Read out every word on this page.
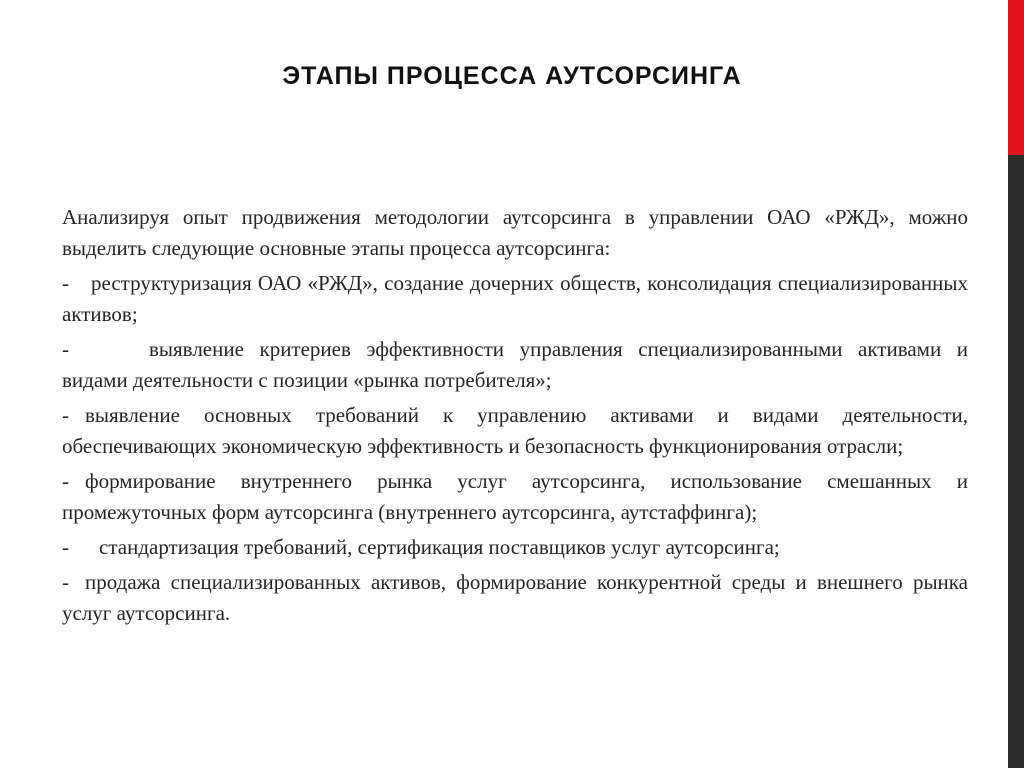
ЭТАПЫ ПРОЦЕССА АУТСОРСИНГА

Анализируя опыт продвижения методологии аутсорсинга в управлении ОАО «РЖД», можно выделить следующие основные этапы процесса аутсорсинга:

- реструктуризация ОАО «РЖД», создание дочерних обществ, консолидация специализированных активов;

-	выявление критериев эффективности управления специализированными активами и видами деятельности с позиции «рынка потребителя»;

- выявление основных требований к управлению активами и видами деятельности, обеспечивающих экономическую эффективность и безопасность функционирования отрасли;

- формирование внутреннего рынка услуг аутсорсинга, использование смешанных и промежуточных форм аутсорсинга (внутреннего аутсорсинга, аутстаффинга);

- стандартизация требований, сертификация поставщиков услуг аутсорсинга;

- продажа специализированных активов, формирование конкурентной среды и внешнего рынка услуг аутсорсинга.
